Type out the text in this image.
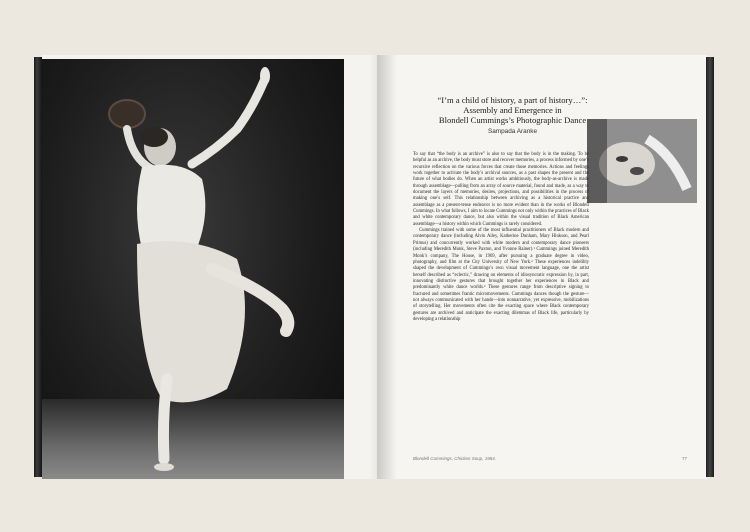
“I’m a child of history, a part of history…”:
Assembly and Emergence in
Blondell Cummings’s Photographic Dance
Sampada Aranke

To say that “the body is an archive” is also to say that the body is in the making. To be helpful as an archive, the body must store and recover memories, a process informed by one’s recursive reflection on the various forces that create those memories. Actions and feelings work together to activate the body’s archival sources, as a past shapes the present and the future of what bodies do. When an artist works ambitiously, the body-as-archive is made through assemblage—pulling from an array of source material, found and made, as a way to document the layers of memories, desires, projections, and possibilities in the process of making one’s self. This relationship between archiving as a historical practice and assemblage as a present-tense endeavor is no more evident than in the works of Blondell Cummings. In what follows, I aim to locate Cummings not only within the practices of Black and white contemporary dance, but also within the visual tradition of Black American assemblage—a history within which Cummings is rarely considered.

Cummings trained with some of the most influential practitioners of Black modern and contemporary dance (including Alvin Ailey, Katherine Dunham, Mary Hinkson, and Pearl Primus) and concurrently worked with white modern and contemporary dance pioneers (including Meredith Monk, Steve Paxton, and Yvonne Rainer).¹ Cummings joined Meredith Monk’s company, The House, in 1969, after pursuing a graduate degree in video, photography, and film at the City University of New York.² These experiences indelibly shaped the development of Cummings’s own visual movement language, one the artist herself described as “eclectic,” drawing on elements of idiosyncratic expression by, in part, innovating distinctive gestures that brought together her experiences in Black and predominantly white dance worlds.³ These gestures range from descriptive signing to fractured and sometimes frantic micromovements. Cummings dances though the gesture—not always communicated with her hands—into nonnarrative, yet expressive, mobilizations of storytelling. Her movements often cite the exacting space where Black contemporary gestures are archived and anticipate the exacting dilemmas of Black life, particularly by developing a relationship

Blondell Cummings, Chicken Soup, 1984.	77
